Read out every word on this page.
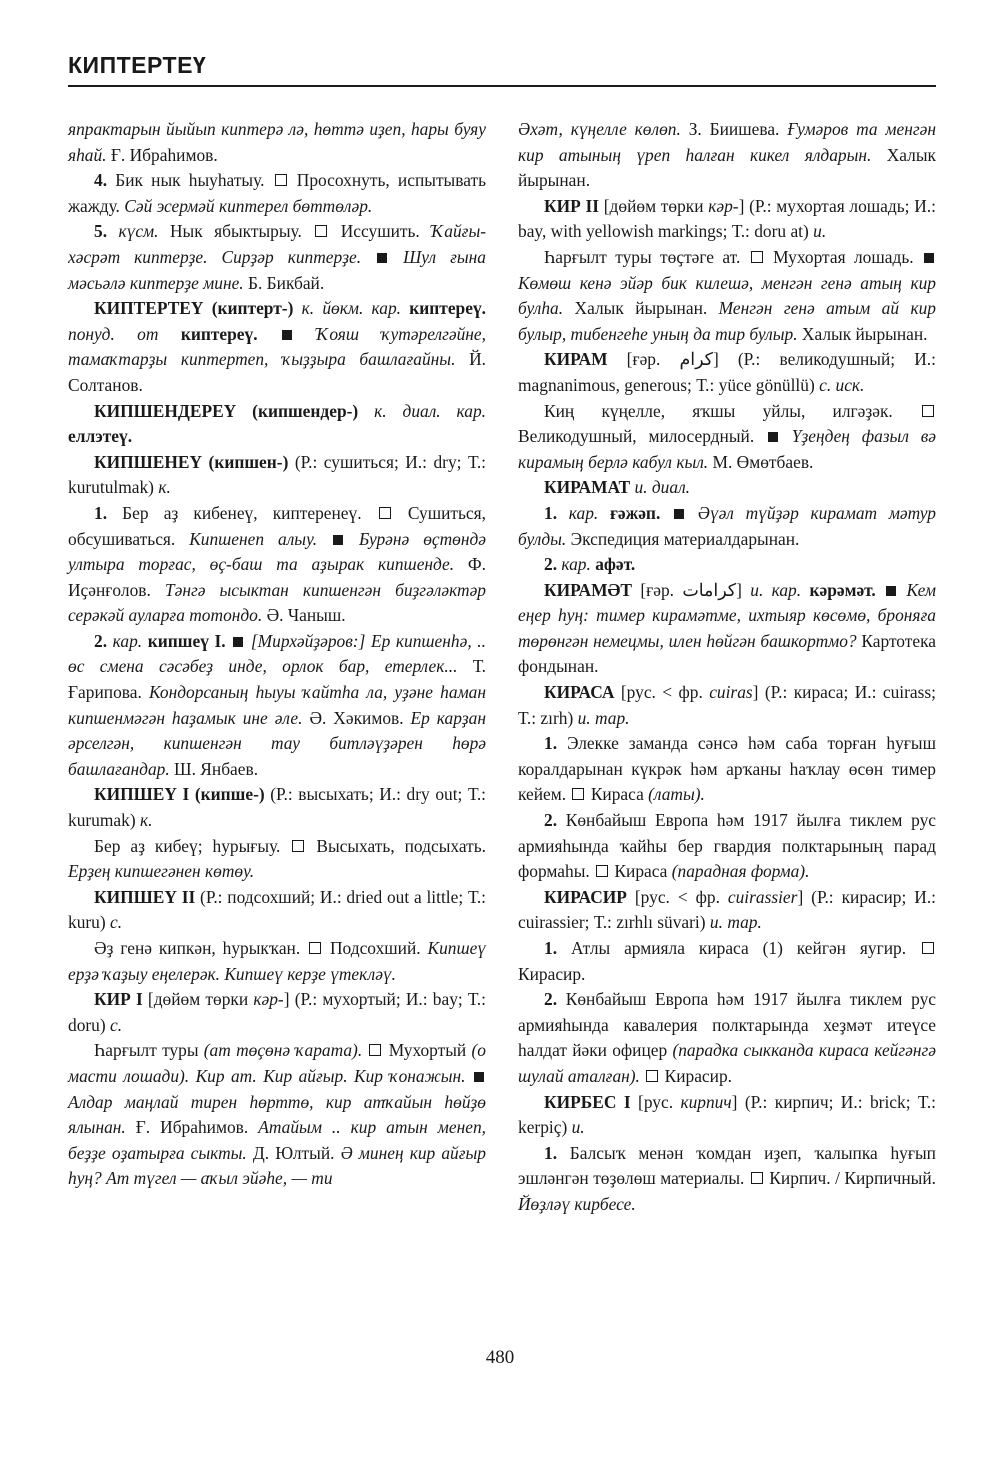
КИПТЕРТЕҮ

япрактарын йыйып киптерә лә, һөттә иҙеп, һары буяу яһай. Ғ. Ибраһимов.

4. Бик нык һыуһатыу.  Просохнуть, испытывать жажду. Сәй эсермәй киптерел бөттөләр.

5. күсм. Нык ябыктырыу.  Иссушить. Ҡайғы-хәсрәт киптерҙе. Сирҙәр киптерҙе.  Шул ғына мәсьәлә киптерҙе мине. Б. Бикбай.

КИПТЕРТЕҮ (киптерт-) к. йөкм. кар. киптереү. понуд. от киптереү.  Ҡояш ҡутәрелгәйне, тамаҡтарҙы киптертеп, ҡыҙҙыра башлағайны. Й. Солтанов.

КИПШЕНДЕРЕҮ (кипшендер-) к. диал. кар. еллэтеү.

КИПШЕНЕҮ (кипшен-) (Р.: сушиться; И.: dry; Т.: kurutulmak) к.

1. Бер аҙ кибенеү, киптеренеү.  Сушиться, обсушиваться. Кипшенеп алыу.  Бурәнә өҫтөндә ултыра торғас, өҫ-баш та аҙырак кипшенде. Ф. Иҫәнғолов. Тәнгә ысыктан кипшенгән биҙгәләктәр серәкәй ауларға тотондо. Ә. Чаныш.

2. кар. кипшеү I.  [Мирхәйҙәров:] Ер кипшенһә, .. өс смена сәсәбеҙ инде, орлок бар, етерлек... Т. Ғарипова. Кондорсаның һыуы ҡайтһа ла, уҙәне һаман кипшенмәгән һаҙамык ине әле. Ә. Хәкимов. Ер карҙан әрселгән, кипшенгән тау битләүҙәрен һөрә башлағандар. Ш. Янбаев.

КИПШЕҮ I (кипше-) (Р.: высыхать; И.: dry out; Т.: kurumak) к.

Бер аҙ кибеү; һурығыу.  Высыхать, подсыхать. Ерҙең кипшегәнен көтөу.

КИПШЕҮ II (Р.: подсохший; И.: dried out a little; Т.: kuru) с.

Әҙ генә кипкән, һурыкҡан.  Подсохший. Кипшеү ерҙә ҡаҙыу еңелерәк. Кипшеү керҙе үтекләү.

КИР I [дөйөм төрки кәр-] (Р.: мухортый; И.: bay; Т.: doru) с.

Һарғылт туры (ат төҫөнә ҡарата).  Мухортый (о масти лошади). Кир ат. Кир айғыр. Кир ҡонажын.  Алдар маңлай тирен һөрттө, кир атҡайын һөйҙө ялынан. Ғ. Ибраһимов. Атайым .. кир атын менеп, беҙҙе оҙатырға сыкты. Д. Юлтый. Ә минең кир айғыр һуң? Ат түгел — аҡыл эйәһе, — ти

Әхәт, күңелле көлөп. З. Биишева. Ғумәров та менгән кир атының үреп һалған кикел ялдарын. Халык йырынан.

КИР II [дөйөм төрки кәр-] (Р.: мухортая лошадь; И.: bay, with yellowish markings; Т.: doru at) и.

Һарғылт туры төҫтәге ат.  Мухортая лошадь.  Көмөш кенә эйәр бик килешә, менгән генә атың кир булһа. Халык йырынан. Менгән генә атым ай кир булыр, тибенгеһе уның да тир булыр. Халык йырынан.

КИРАМ [ғәр. کرام] (Р.: великодушный; И.: magnanimous, generous; Т.: yüce gönüllü) с. иск.

Киң күңелле, яҡшы уйлы, илгәҙәк.  Великодушный, милосердный.  Үҙеңдең фазыл вә кирамың берлә кабул кыл. М. Өмөтбаев.

КИРАМАТ и. диал.

1. кар. ғәжәп.  Әүәл түйҙәр кирамат мәтур булды. Экспедиция материалдарынан.

2. кар. афәт.

КИРАМӘТ [ғәр. کرامات] и. кар. кәрәмәт.  Кем еңер һуң: тимер кирамәтме, ихтыяр көсөмө, броняға төрөнгән немецмы, илен һөйгән башкортмо? Картотека фондынан.

КИРАСА [рус. < фр. cuiras] (Р.: кираса; И.: cuirass; Т.: zırh) и. тар.

1. Элекке заманда сәнсә һәм саба торған һуғыш коралдарынан күкрәк һәм арҡаны һаҡлау өсөн тимер кейем.  Кираса (латы).

2. Көнбайыш Европа һәм 1917 йылға тиклем рус армияһында ҡайһы бер гвардия полктарының парад формаһы.  Кираса (парадная форма).

КИРАСИР [рус. < фр. cuirassier] (Р.: кирасир; И.: cuirassier; Т.: zırhlı süvari) и. тар.

1. Атлы армияла кираса (1) кейгән яугир.  Кирасир.

2. Көнбайыш Европа һәм 1917 йылға тиклем рус армияһында кавалерия полктарында хеҙмәт итеүсе һалдат йәки офицер (парадка сыкканда кираса кейгәнгә шулай аталған).  Кирасир.

КИРБЕС I [рус. кирпич] (Р.: кирпич; И.: brick; Т.: kerpiç) и.

1. Балсыҡ менән ҡомдан иҙеп, ҡалыпка һуғып эшләнгән төҙөлөш материалы.  Кирпич. / Кирпичный. Йөҙләү кирбесе.

480
